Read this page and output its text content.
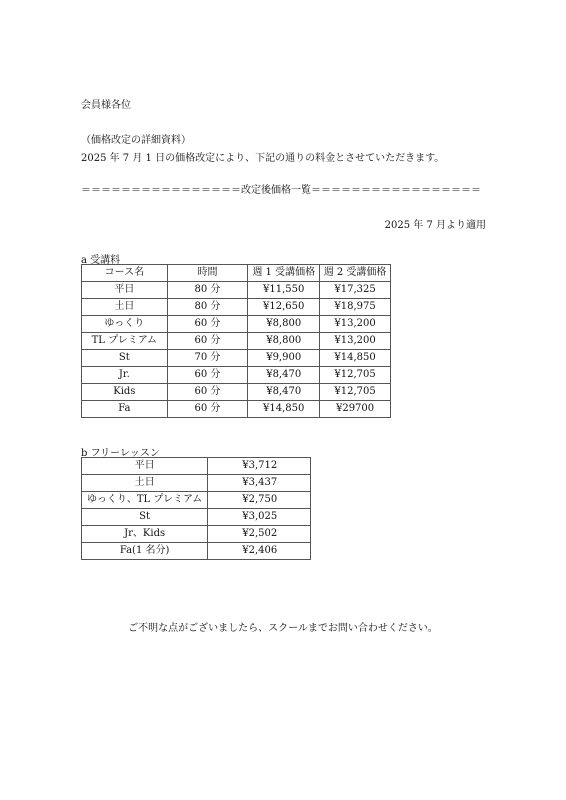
会員様各位
（価格改定の詳細資料）
2025 年 7 月 1 日の価格改定により、下記の通りの料金とさせていただきます。
＝＝＝＝＝＝＝＝＝＝＝＝＝＝＝＝改定後価格一覧＝＝＝＝＝＝＝＝＝＝＝＝＝＝＝＝＝
2025 年 7 月より適用
a 受講料
コース名	時間	週 1 受講価格	週 2 受講価格
平日	80 分	¥11,550	¥17,325
土日	80 分	¥12,650	¥18,975
ゆっくり	60 分	¥8,800	¥13,200
TL プレミアム	60 分	¥8,800	¥13,200
St	70 分	¥9,900	¥14,850
Jr.	60 分	¥8,470	¥12,705
Kids	60 分	¥8,470	¥12,705
Fa	60 分	¥14,850	¥29700
b フリーレッスン
平日	¥3,712
土日	¥3,437
ゆっくり、TL プレミアム	¥2,750
St	¥3,025
Jr、Kids	¥2,502
Fa(1 名分)	¥2,406
ご不明な点がございましたら、スクールまでお問い合わせください。
